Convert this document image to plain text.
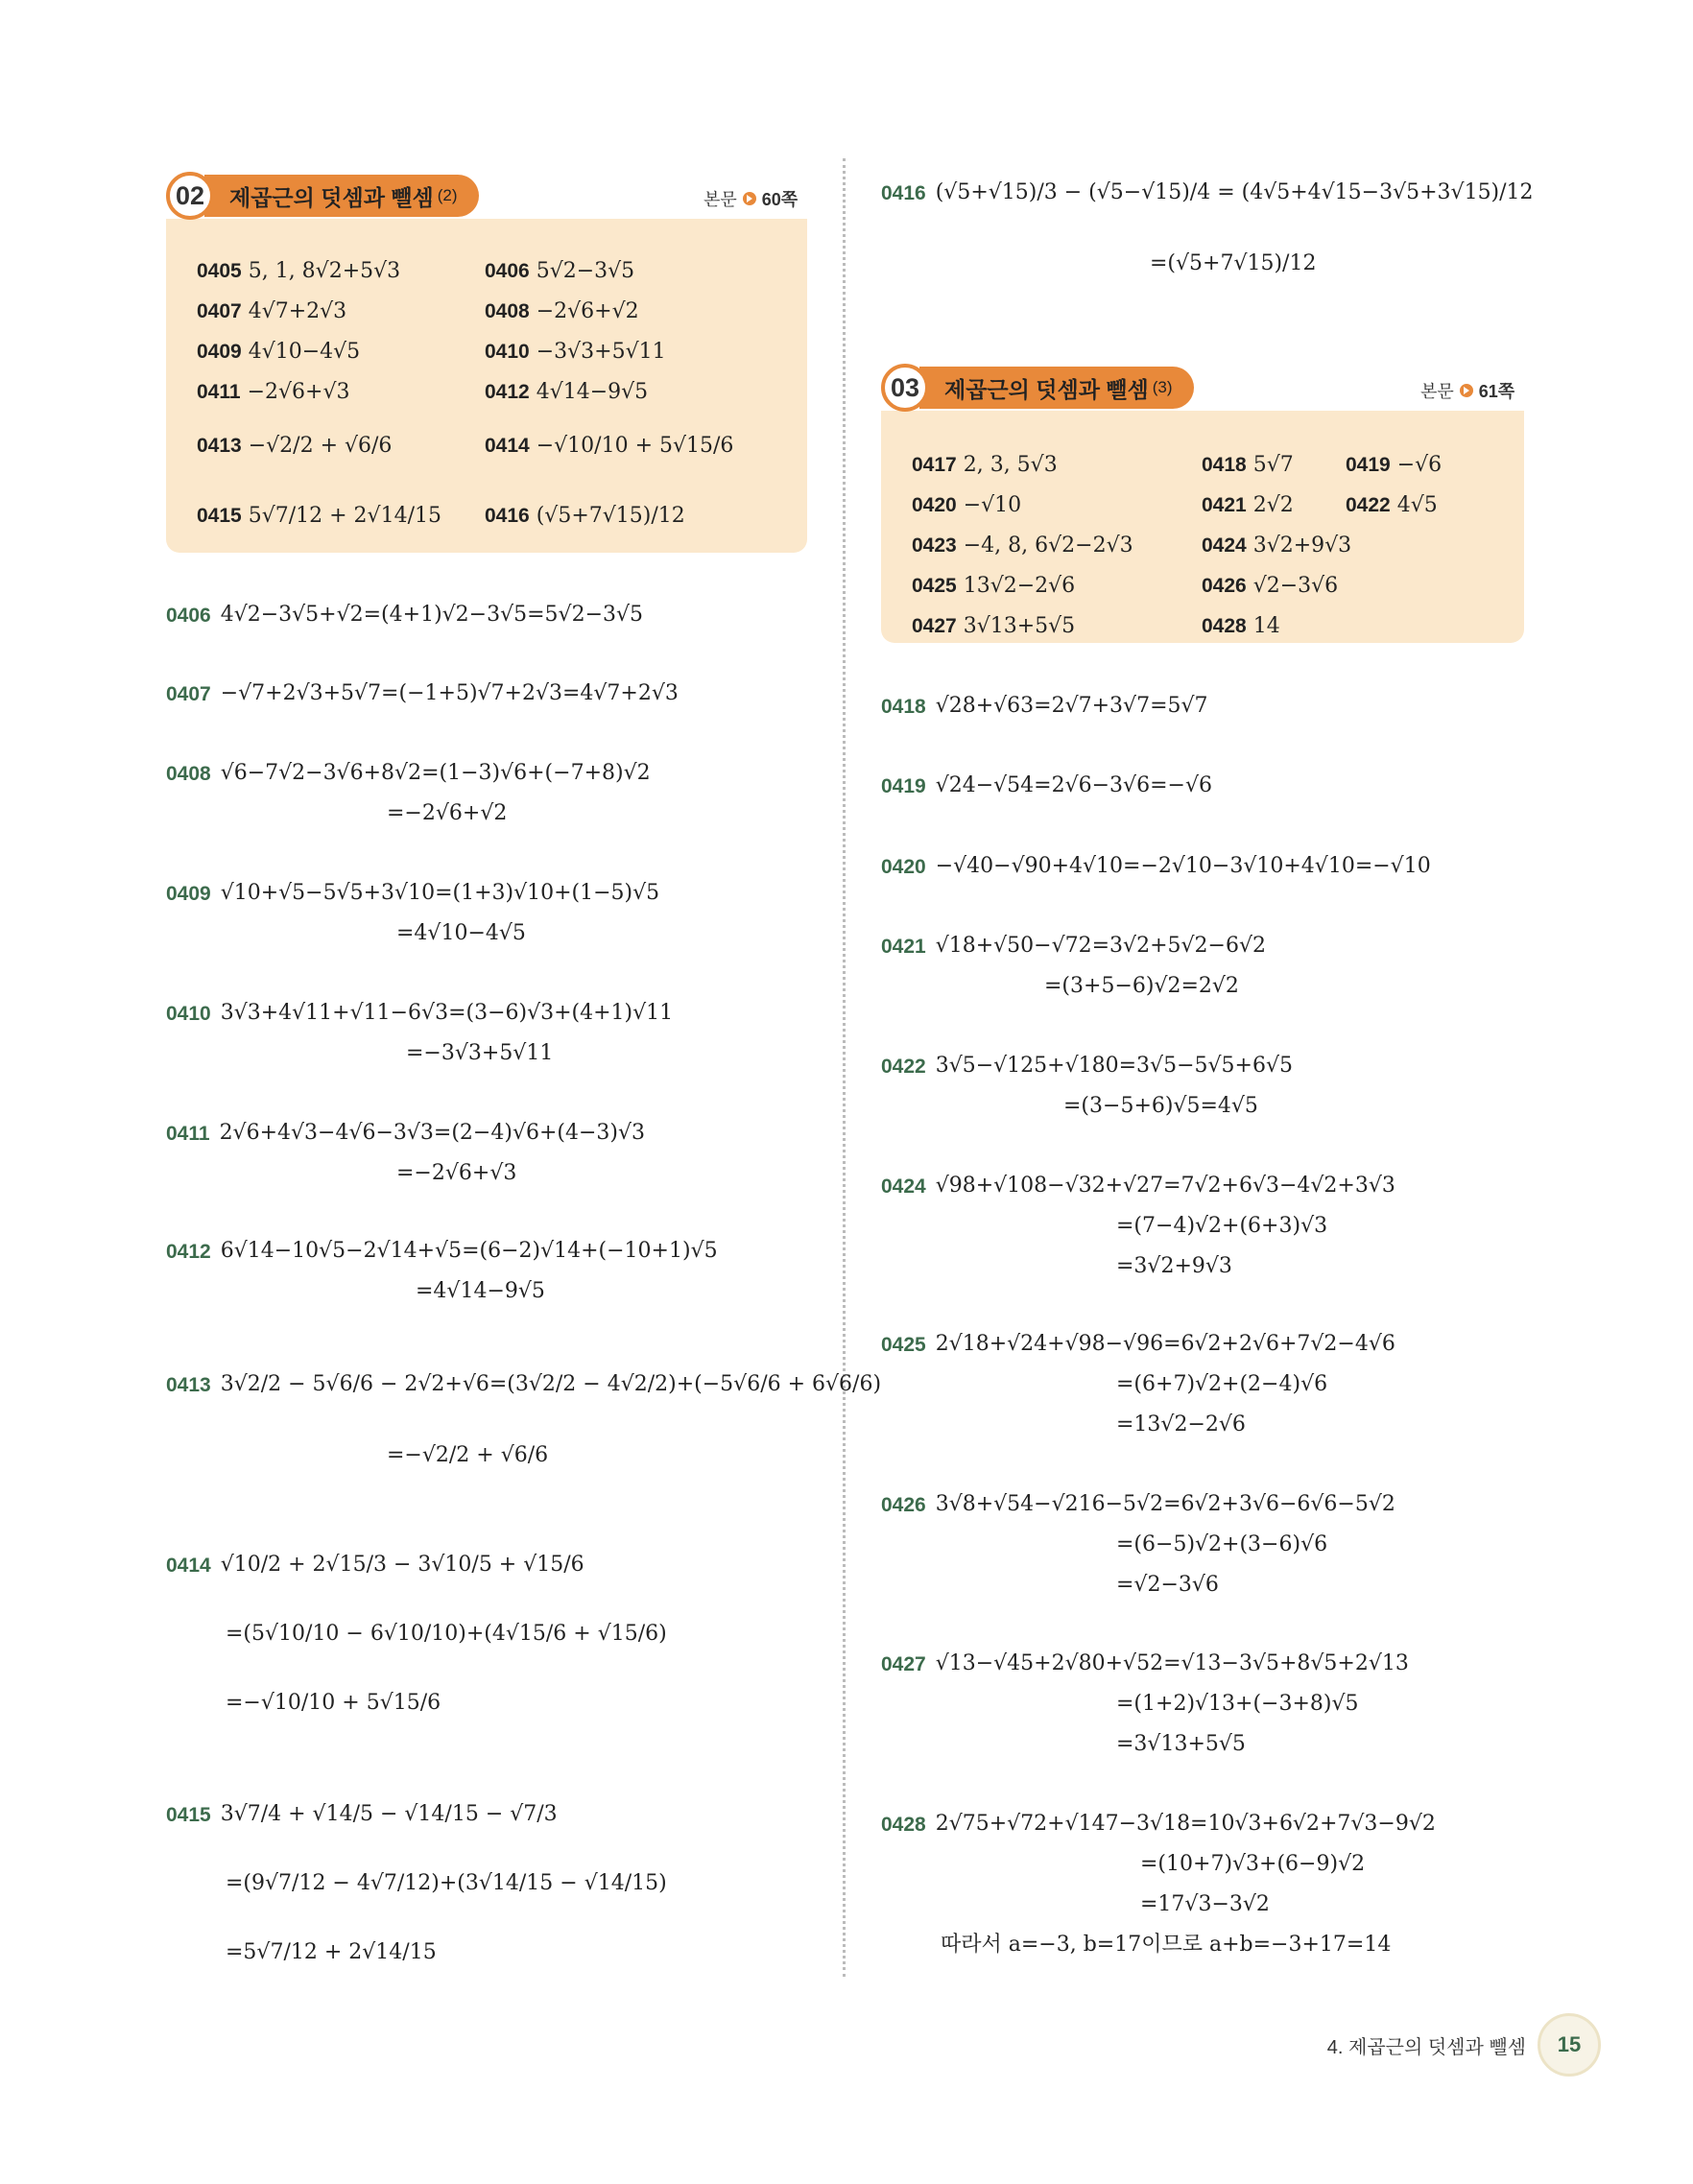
02	제곱근의 덧셈과 뺄셈 (2)	본문 60쪽
0405 5, 1, 8√2+5√3	0406 5√2−3√5
0407 4√7+2√3	0408 −2√6+√2
0409 4√10−4√5	0410 −3√3+5√11
0411 −2√6+√3	0412 4√14−9√5
0413 −√2/2 + √6/6	0414 −√10/10 + 5√15/6
0415 5√7/12 + 2√14/15 0416 (√5+7√15)/12
0406 4√2−3√5+√2=(4+1)√2−3√5=5√2−3√5
0407 −√7+2√3+5√7=(−1+5)√7+2√3=4√7+2√3
0408 √6−7√2−3√6+8√2=(1−3)√6+(−7+8)√2
=−2√6+√2
0409 √10+√5−5√5+3√10=(1+3)√10+(1−5)√5
=4√10−4√5
0410 3√3+4√11+√11−6√3=(3−6)√3+(4+1)√11
=−3√3+5√11
0411 2√6+4√3−4√6−3√3=(2−4)√6+(4−3)√3
=−2√6+√3
0412 6√14−10√5−2√14+√5=(6−2)√14+(−10+1)√5
=4√14−9√5
0413 3√2/2 − 5√6/6 − 2√2+√6=(3√2/2 − 4√2/2)+(−5√6/6 + 6√6/6)
=−√2/2 + √6/6
0414 √10/2 + 2√15/3 − 3√10/5 + √15/6
=(5√10/10 − 6√10/10)+(4√15/6 + √15/6)
=−√10/10 + 5√15/6
0415 3√7/4 + √14/5 − √14/15 − √7/3
=(9√7/12 − 4√7/12)+(3√14/15 − √14/15)
=5√7/12 + 2√14/15
0416 (√5+√15)/3 − (√5−√15)/4 = (4√5+4√15−3√5+3√15)/12
=(√5+7√15)/12
0418 √28+√63=2√7+3√7=5√7
0419 √24−√54=2√6−3√6=−√6
0420 −√40−√90+4√10=−2√10−3√10+4√10=−√10
0421 √18+√50−√72=3√2+5√2−6√2
=(3+5−6)√2=2√2
0422 3√5−√125+√180=3√5−5√5+6√5
=(3−5+6)√5=4√5
0424 √98+√108−√32+√27=7√2+6√3−4√2+3√3
=(7−4)√2+(6+3)√3
=3√2+9√3
0425 2√18+√24+√98−√96=6√2+2√6+7√2−4√6
=(6+7)√2+(2−4)√6
=13√2−2√6
0426 3√8+√54−√216−5√2=6√2+3√6−6√6−5√2
=(6−5)√2+(3−6)√6
=√2−3√6
0427 √13−√45+2√80+√52=√13−3√5+8√5+2√13
=(1+2)√13+(−3+8)√5
=3√13+5√5
0428 2√75+√72+√147−3√18=10√3+6√2+7√3−9√2
=(10+7)√3+(6−9)√2
=17√3−3√2
따라서 a=−3, b=17이므로 a+b=−3+17=14
03	제곱근의 덧셈과 뺄셈 (3)	본문 61쪽
0417 2, 3, 5√3	0418 5√7	0419 −√6
0420 −√10	0421 2√2	0422 4√5
0423 −4, 8, 6√2−2√3	0424 3√2+9√3
0425 13√2−2√6	0426 √2−3√6
0427 3√13+5√5	0428 14
4. 제곱근의 덧셈과 뺄셈	15
